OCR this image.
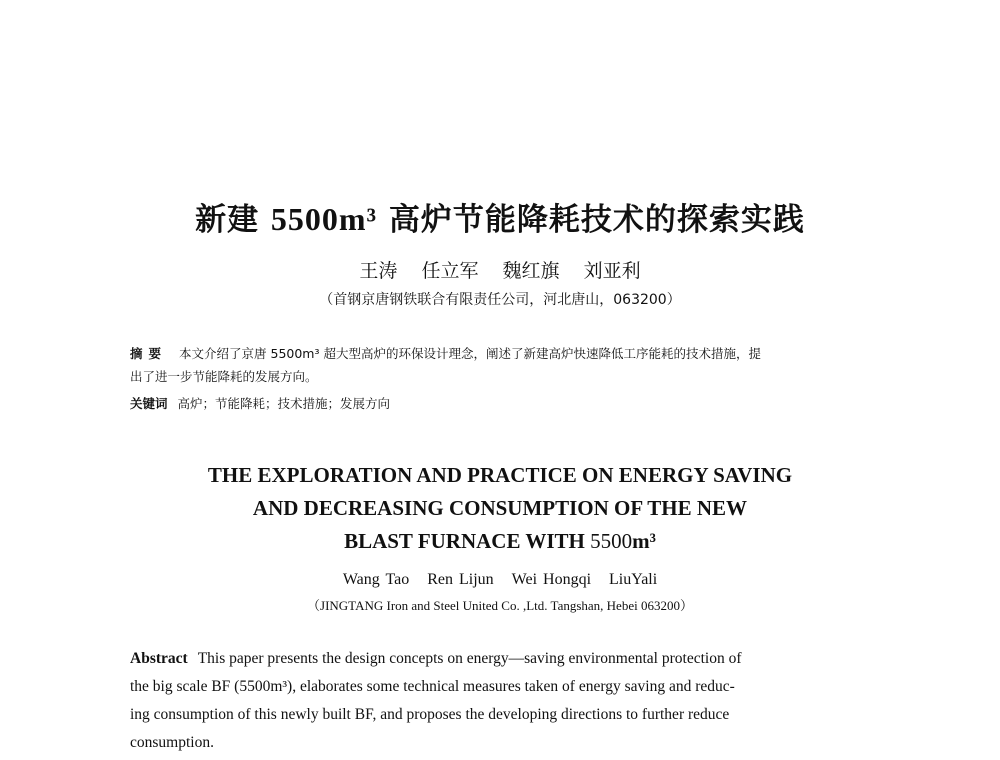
新建 5500m³ 高炉节能降耗技术的探索实践
王涛 任立军 魏红旗 刘亚利
（首钢京唐钢铁联合有限责任公司，河北唐山，063200）
摘要 本文介绍了京唐 5500m³ 超大型高炉的环保设计理念，阐述了新建高炉快速降低工序能耗的技术措施，提
出了进一步节能降耗的发展方向。
关键词 高炉；节能降耗；技术措施；发展方向
THE EXPLORATION AND PRACTICE ON ENERGY SAVING
AND DECREASING CONSUMPTION OF THE NEW
BLAST FURNACE WITH 5500m³
Wang Tao Ren Lijun Wei Hongqi LiuYali
（JINGTANG Iron and Steel United Co. ,Ltd. Tangshan, Hebei 063200）
Abstract This paper presents the design concepts on energy—saving environmental protection of
the big scale BF (5500m³), elaborates some technical measures taken of energy saving and reduc-
ing consumption of this newly built BF, and proposes the developing directions to further reduce
consumption.
